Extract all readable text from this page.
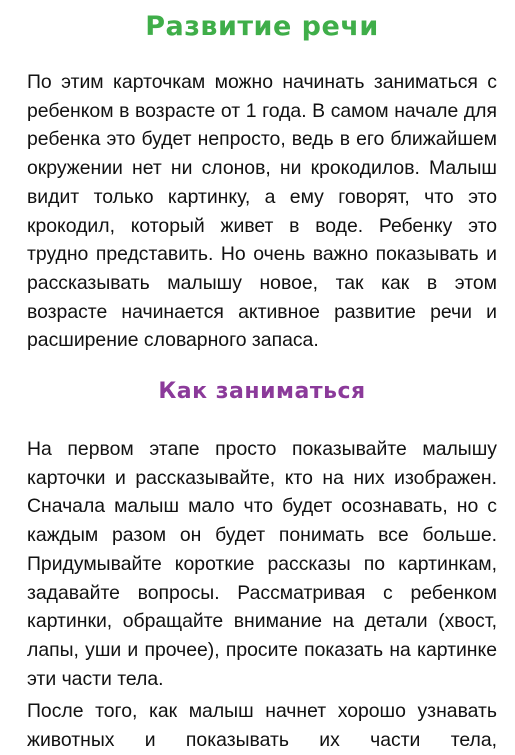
Развитие речи

По этим карточкам можно начинать заниматься с ребенком в возрасте от 1 года. В самом начале для ребенка это будет непросто, ведь в его ближайшем окружении нет ни слонов, ни крокодилов. Малыш видит только картинку, а ему говорят, что это крокодил, который живет в воде. Ребенку это трудно представить. Но очень важно показывать и рассказывать малышу новое, так как в этом возрасте начинается активное развитие речи и расширение словарного запаса.

Как заниматься

На первом этапе просто показывайте малышу карточки и рассказывайте, кто на них изображен. Сначала малыш мало что будет осознавать, но с каждым разом он будет понимать все больше. Придумывайте короткие рассказы по картинкам, задавайте вопросы. Рассматривая с ребенком картинки, обращайте внимание на детали (хвост, лапы, уши и прочее), просите показать на картинке эти части тела.

После того, как малыш начнет хорошо узнавать животных и показывать их части тела,
